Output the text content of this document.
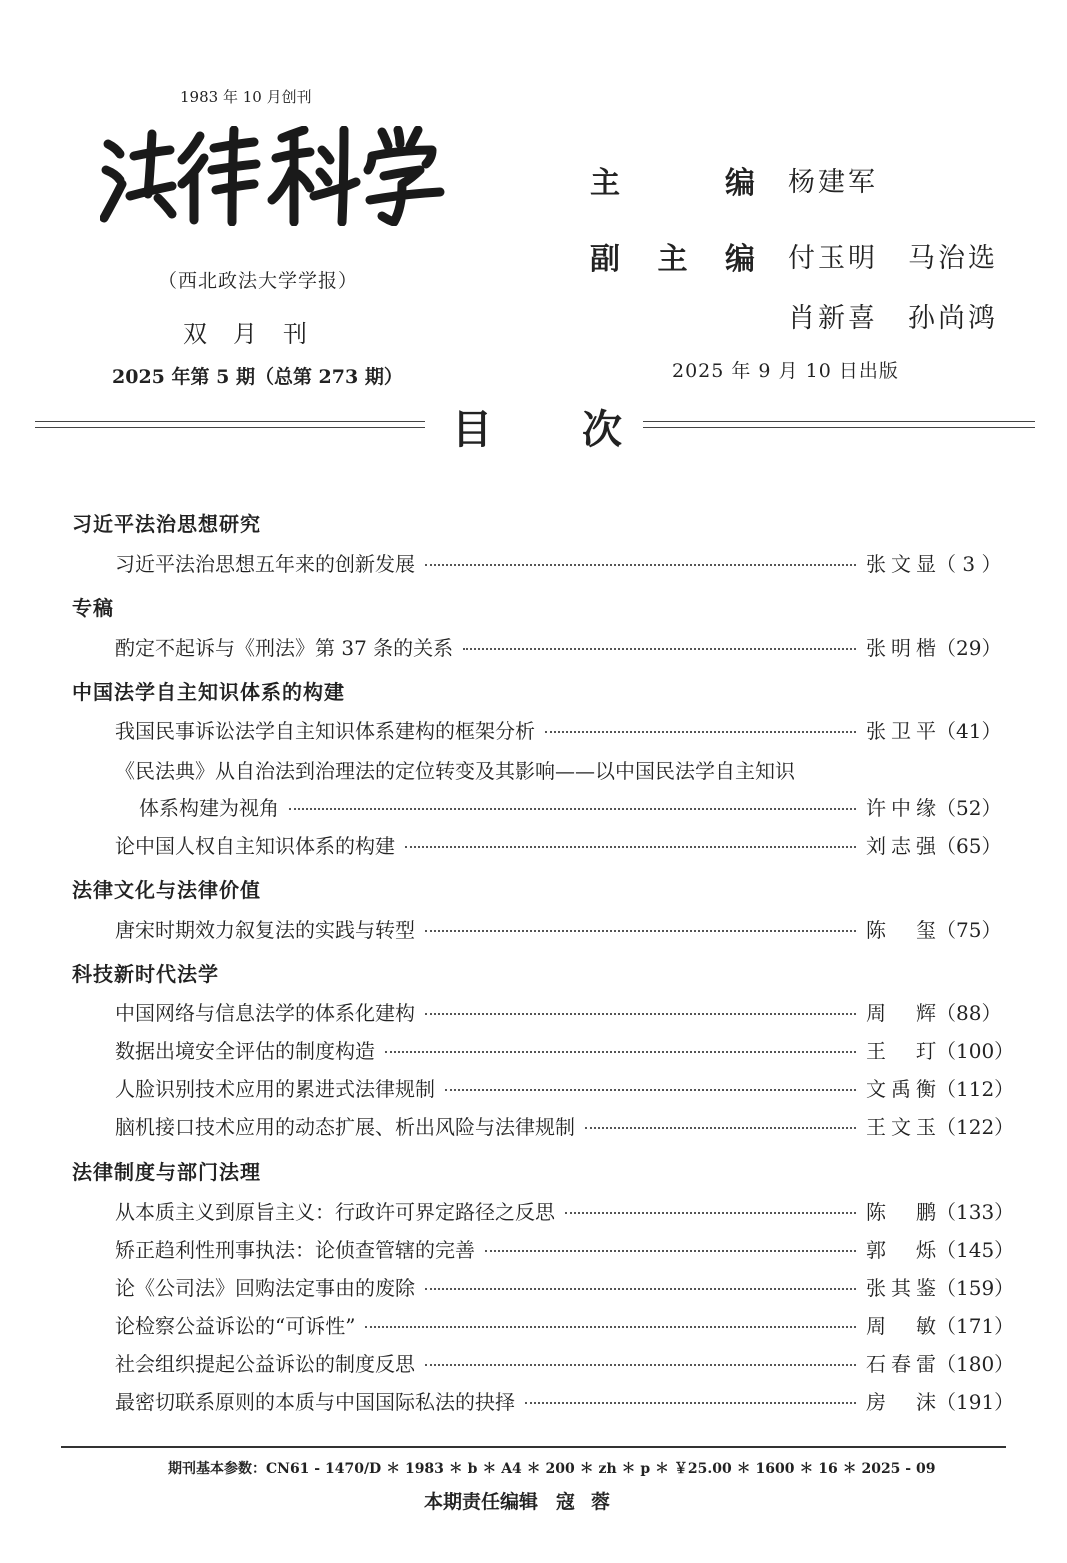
1983 年 10 月创刊
（西北政法大学学报）
双月刊
2025 年第 5 期（总第 273 期）
主	编 杨建军
副 主 编 付玉明　马治选
肖新喜　孙尚鸿
2025 年 9 月 10 日出版
目 次
习近平法治思想研究
习近平法治思想五年来的创新发展	张文显 （ 3 ）
专稿
酌定不起诉与《刑法》第 37 条的关系	张明楷 （29）
中国法学自主知识体系的构建
我国民事诉讼法学自主知识体系建构的框架分析	张卫平 （41）
《民法典》从自治法到治理法的定位转变及其影响——以中国民法学自主知识
体系构建为视角	许中缘 （52）
论中国人权自主知识体系的构建	刘志强 （65）
法律文化与法律价值
唐宋时期效力叙复法的实践与转型	陈　玺 （75）
科技新时代法学
中国网络与信息法学的体系化建构	周　辉 （88）
数据出境安全评估的制度构造	王　玎 （100）
人脸识别技术应用的累进式法律规制	文禹衡 （112）
脑机接口技术应用的动态扩展、析出风险与法律规制	王文玉 （122）
法律制度与部门法理
从本质主义到原旨主义：行政许可界定路径之反思	陈　鹏 （133）
矫正趋利性刑事执法：论侦查管辖的完善	郭　烁 （145）
论《公司法》回购法定事由的废除	张其鉴 （159）
论检察公益诉讼的“可诉性”	周　敏 （171）
社会组织提起公益诉讼的制度反思	石春雷 （180）
最密切联系原则的本质与中国国际私法的抉择	房　沫 （191）
期刊基本参数：CN61 - 1470/D ＊ 1983 ＊ b ＊ A4 ＊ 200 ＊ zh ＊ p ＊ ￥25.00 ＊ 1600 ＊ 16 ＊ 2025 - 09
本期责任编辑 寇蓉
